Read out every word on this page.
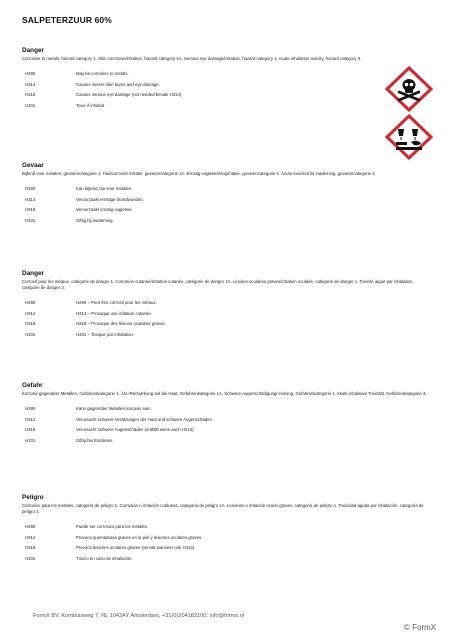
SALPETERZUUR 60%
Danger
Corrosive to metals, hazard category 1. Skin corrosion/irritation, hazard category 1A. Serious eye damage/irritation, hazard category 1. Acute inhalation toxicity, hazard category 3.
H290	May be corrosive to metals.
H314	Causes severe skin burns and eye damage.
H318	Causes serious eye damage (not needed beside H314).
H331	Toxic if inhaled.
Gevaar
Bijtend voor metalen, gevarencategorie 1. Huidcorrosie/-irritatie, gevarencategorie 1A. Ernstig oogletsel/oogirritatie, gevarencategorie 1. Acute toxiciteit bij inademing, gevarencategorie 3.
H290	Kan bijtend zijn voor metalen.
H314	Veroorzaakt ernstige brandwonden.
H318	Veroorzaakt ernstig oogletsel.
H331	Giftig bij inademing.
Danger
Corrosif pour les métaux, catégorie de danger 1. Corrosion cutanée/irritation cutanée, catégorie de danger 1A. Lésions oculaires graves/irritation oculaire, catégorie de danger 1. Toxicité aiguë par inhalation, catégorie de danger 3.
H290	H290 – Peut être corrosif pour les métaux.
H314	H314 – Provoque une irritation cutanée.
H318	H318 – Provoque des lésions oculaires graves.
H331	H331 – Toxique par inhalation.
Gefahr
Korrosiv gegenüber Metallen, Gefahrenkategorie 1. Ätz-/Reizwirkung auf die Haut, Gefahrenkategorie 1A. Schwere Augenschädigung/-reizung, Gefahrenkategorie 1. Akute inhalative Toxizität, Gefahrenkategorie 3.
H290	Kann gegenüber Metallen korrosiv sein.
H314	Verursacht schwere Verätzungen der Haut und schwere Augenschäden.
H318	Verursacht schwere Augenschäden (entfällt wenn auch H314).
H331	Giftig bei Einatmen.
Peligro
Corrosivo para los metales, categoría de peligro 1. Corrosión o irritación cutáneas, categoría de peligro 1A. Lesiones o irritación ocular graves, categoría de peligro 1. Toxicidad aguda por inhalación, categoría de peligro 3.
H290	Puede ser corrosivo para los metales.
H314	Provoca quemaduras graves en la piel y lesiones oculares graves.
H318	Provoca lesiones oculares graves (vervalt wanneer ook H314).
H331	Tóxico en caso de inhalación.
FormX BV, Kombuisweg 7, NL 1043AY Amsterdam, +31(0)204182100, info@formx.nl
© FormX
